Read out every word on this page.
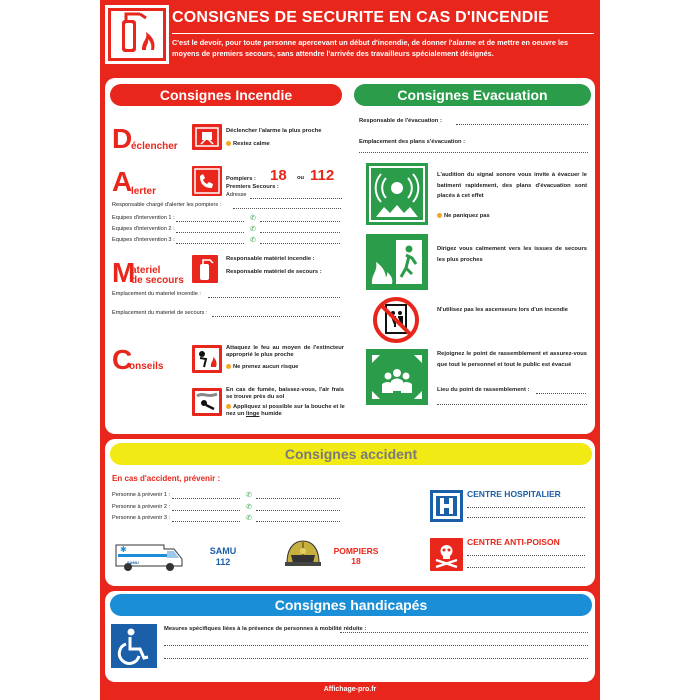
CONSIGNES DE SECURITE EN CAS D'INCENDIE
C'est le devoir, pour toute personne apercevant un début d'incendie, de donner l'alarme et de mettre en oeuvre les moyens de premiers secours, sans attendre l'arrivée des travailleurs spécialement désignés.
Consignes Incendie
D
éclencher
Déclencher l'alarme la plus proche
Restez calme
A
lerter
Pompiers : 18 ou 112
Premiers Secours :
Adresse
Responsable chargé d'alerter les pompiers :
Equipes d'intervention 1 :
Equipes d'intervention 2 :
Equipes d'intervention 3 :
✆
✆
✆
M
ateriel
de secours
Responsable matériel incendie :
Responsable matériel de secours :
Emplacement du materiel incendie :
Emplacement du materiel de secours :
C
onseils
Attaquez le feu au moyen de l'extincteur approprié le plus proche
Ne prenez aucun risque
En cas de fumée, baissez-vous, l'air frais se trouve près du sol
Appliquez si possible sur la bouche et le nez un linge humide
Consignes Evacuation
Responsable de l'évacuation :
Emplacement des plans s'évacuation :
L'audition du signal sonore vous invite à évacuer le batiment rapidement, des plans d'évacuation sont placés à cet effet
Ne paniquez pas
Dirigez vous calmement vers les issues de secours les plus proches
N'utilisez pas les ascenseurs lors d'un incendie
Rejoignez le point de rassemblement et assurez-vous que tout le personnel et tout le public est évacué
Lieu du point de rassemblement :
Consignes accident
En cas d'accident, prévenir :
Personne à prévenir 1 :
Personne à prévenir 2 :
Personne à prévenir 3 :
✆
✆
✆
✱
SAMU
SAMU
112
POMPIERS
18
CENTRE HOSPITALIER
CENTRE ANTI-POISON
Consignes handicapés
Mesures spécifiques liées à la présence de personnes à mobilité réduite :
Affichage-pro.fr
